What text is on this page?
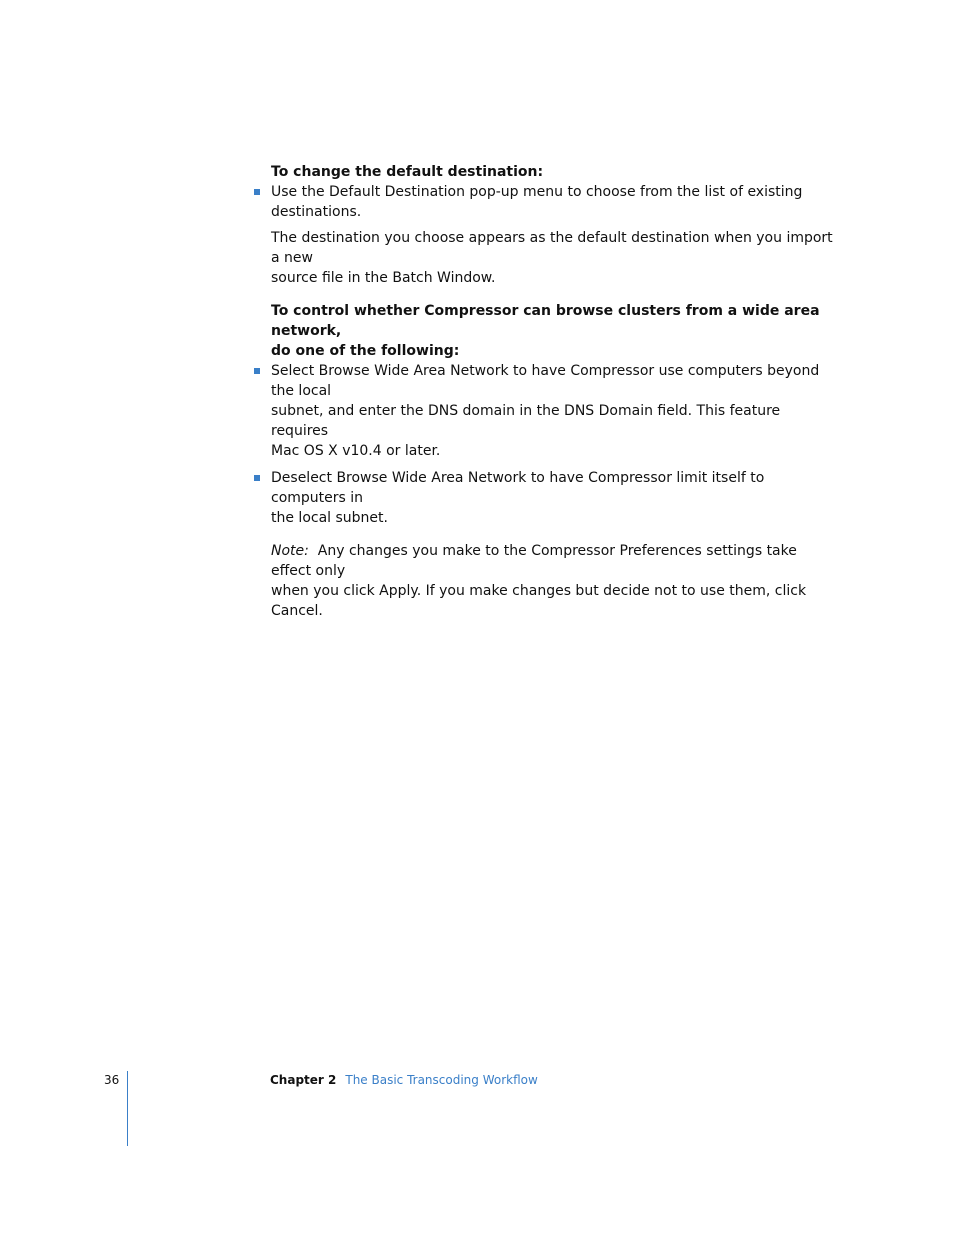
To change the default destination:

Use the Default Destination pop-up menu to choose from the list of existing destinations.

The destination you choose appears as the default destination when you import a new
source file in the Batch Window.

To control whether Compressor can browse clusters from a wide area network,
do one of the following:

Select Browse Wide Area Network to have Compressor use computers beyond the local
subnet, and enter the DNS domain in the DNS Domain field. This feature requires
Mac OS X v10.4 or later.
Deselect Browse Wide Area Network to have Compressor limit itself to computers in
the local subnet.

Note: Any changes you make to the Compressor Preferences settings take effect only
when you click Apply. If you make changes but decide not to use them, click Cancel.

36	Chapter 2 The Basic Transcoding Workflow
